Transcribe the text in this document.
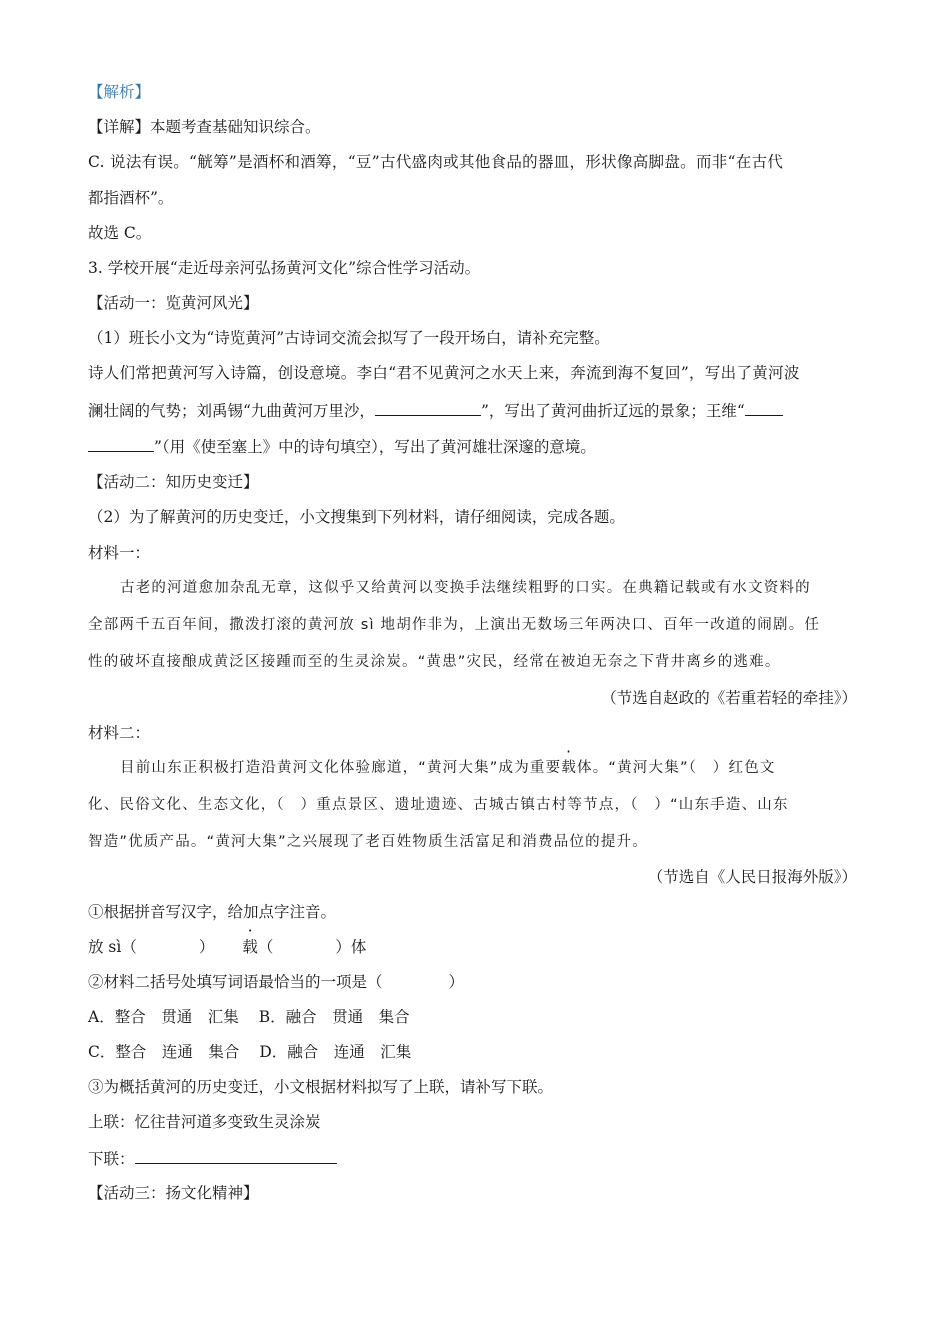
【解析】
【详解】本题考查基础知识综合。
C. 说法有误。“觥筹”是酒杯和酒筹，“豆”古代盛肉或其他食品的器皿，形状像高脚盘。而非“在古代
都指酒杯”。
故选 C。
3. 学校开展“走近母亲河弘扬黄河文化”综合性学习活动。
【活动一：览黄河风光】
（1）班长小文为“诗览黄河”古诗词交流会拟写了一段开场白，请补充完整。
诗人们常把黄河写入诗篇，创设意境。李白“君不见黄河之水天上来，奔流到海不复回”，写出了黄河波
澜壮阔的气势；刘禹锡“九曲黄河万里沙，	”，写出了黄河曲折辽远的景象；王维“
”（用《使至塞上》中的诗句填空），写出了黄河雄壮深邃的意境。
【活动二：知历史变迁】
（2）为了解黄河的历史变迁，小文搜集到下列材料，请仔细阅读，完成各题。
材料一：
古老的河道愈加杂乱无章，这似乎又给黄河以变换手法继续粗野的口实。在典籍记载或有水文资料的
全部两千五百年间，撒泼打滚的黄河放 sì 地胡作非为，上演出无数场三年两决口、百年一改道的闹剧。任
性的破坏直接酿成黄泛区接踵而至的生灵涂炭。“黄患”灾民，经常在被迫无奈之下背井离乡的逃难。
（节选自赵政的《若重若轻的牵挂》）
材料二：
目前山东正积极打造沿黄河文化体验廊道，“黄河大集”成为重要载体。“黄河大集”（　）红色文
化、民俗文化、生态文化，（　）重点景区、遗址遗迹、古城古镇古村等节点，（　）“山东手造、山东
智造”优质产品。“黄河大集”之兴展现了老百姓物质生活富足和消费品位的提升。
（节选自《人民日报海外版》）
①根据拼音写汉字，给加点字注音。
放 sì（	） 载（	）体
②材料二括号处填写词语最恰当的一项是（	）
A．整合　贯通　汇集 B．融合　贯通　集合
C．整合　连通　集合 D．融合　连通　汇集
③为概括黄河的历史变迁，小文根据材料拟写了上联，请补写下联。
上联：忆往昔河道多变致生灵涂炭
下联：
【活动三：扬文化精神】
